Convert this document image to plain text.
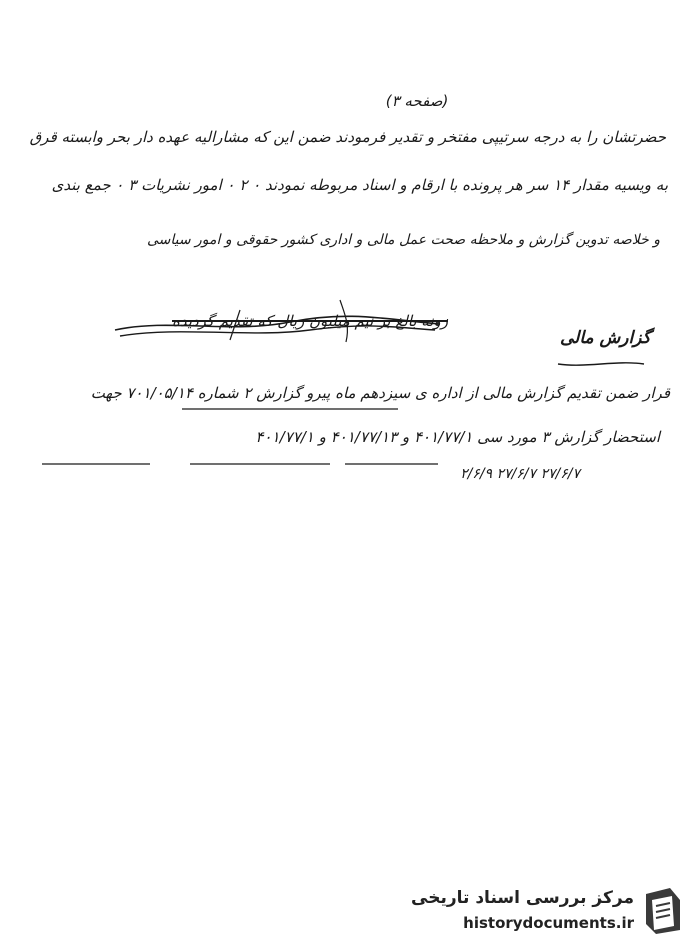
(صفحه ۳)
حضرتشان را به درجه سرتیپی مفتخر و تقدیر فرمودند ضمن این که مشارالیه عهده دار بحر وابسته قرق
به ویسیه مقدار ۱۴ سر هر پرونده با ارقام و اسناد مربوطه نمودند ۰ ۲ ۰ امور نشریات ۳ ۰ جمع بندی
و خلاصه تدوین گزارش و ملاحظه صحت عمل مالی و اداری کشور حقوقی و امور سیاسی
زونه بالغ بر نیم میلیون ریال که تقدیم گردیده
گزارش مالی
قرار ضمن تقدیم گزارش مالی از اداره ی سیزدهم ماه پیرو گزارش ۲ شماره ۷۰۱/۰۵/۱۴ جهت
استحضار گزارش ۳ مورد سی ۴۰۱/۷۷/۱ و ۴۰۱/۷۷/۱۳ و ۴۰۱/۷۷/۱
۲۷/۶/۷ ۲۷/۶/۷ ۲/۶/۹
مرکز بررسی اسناد تاریخی
historydocuments.ir
